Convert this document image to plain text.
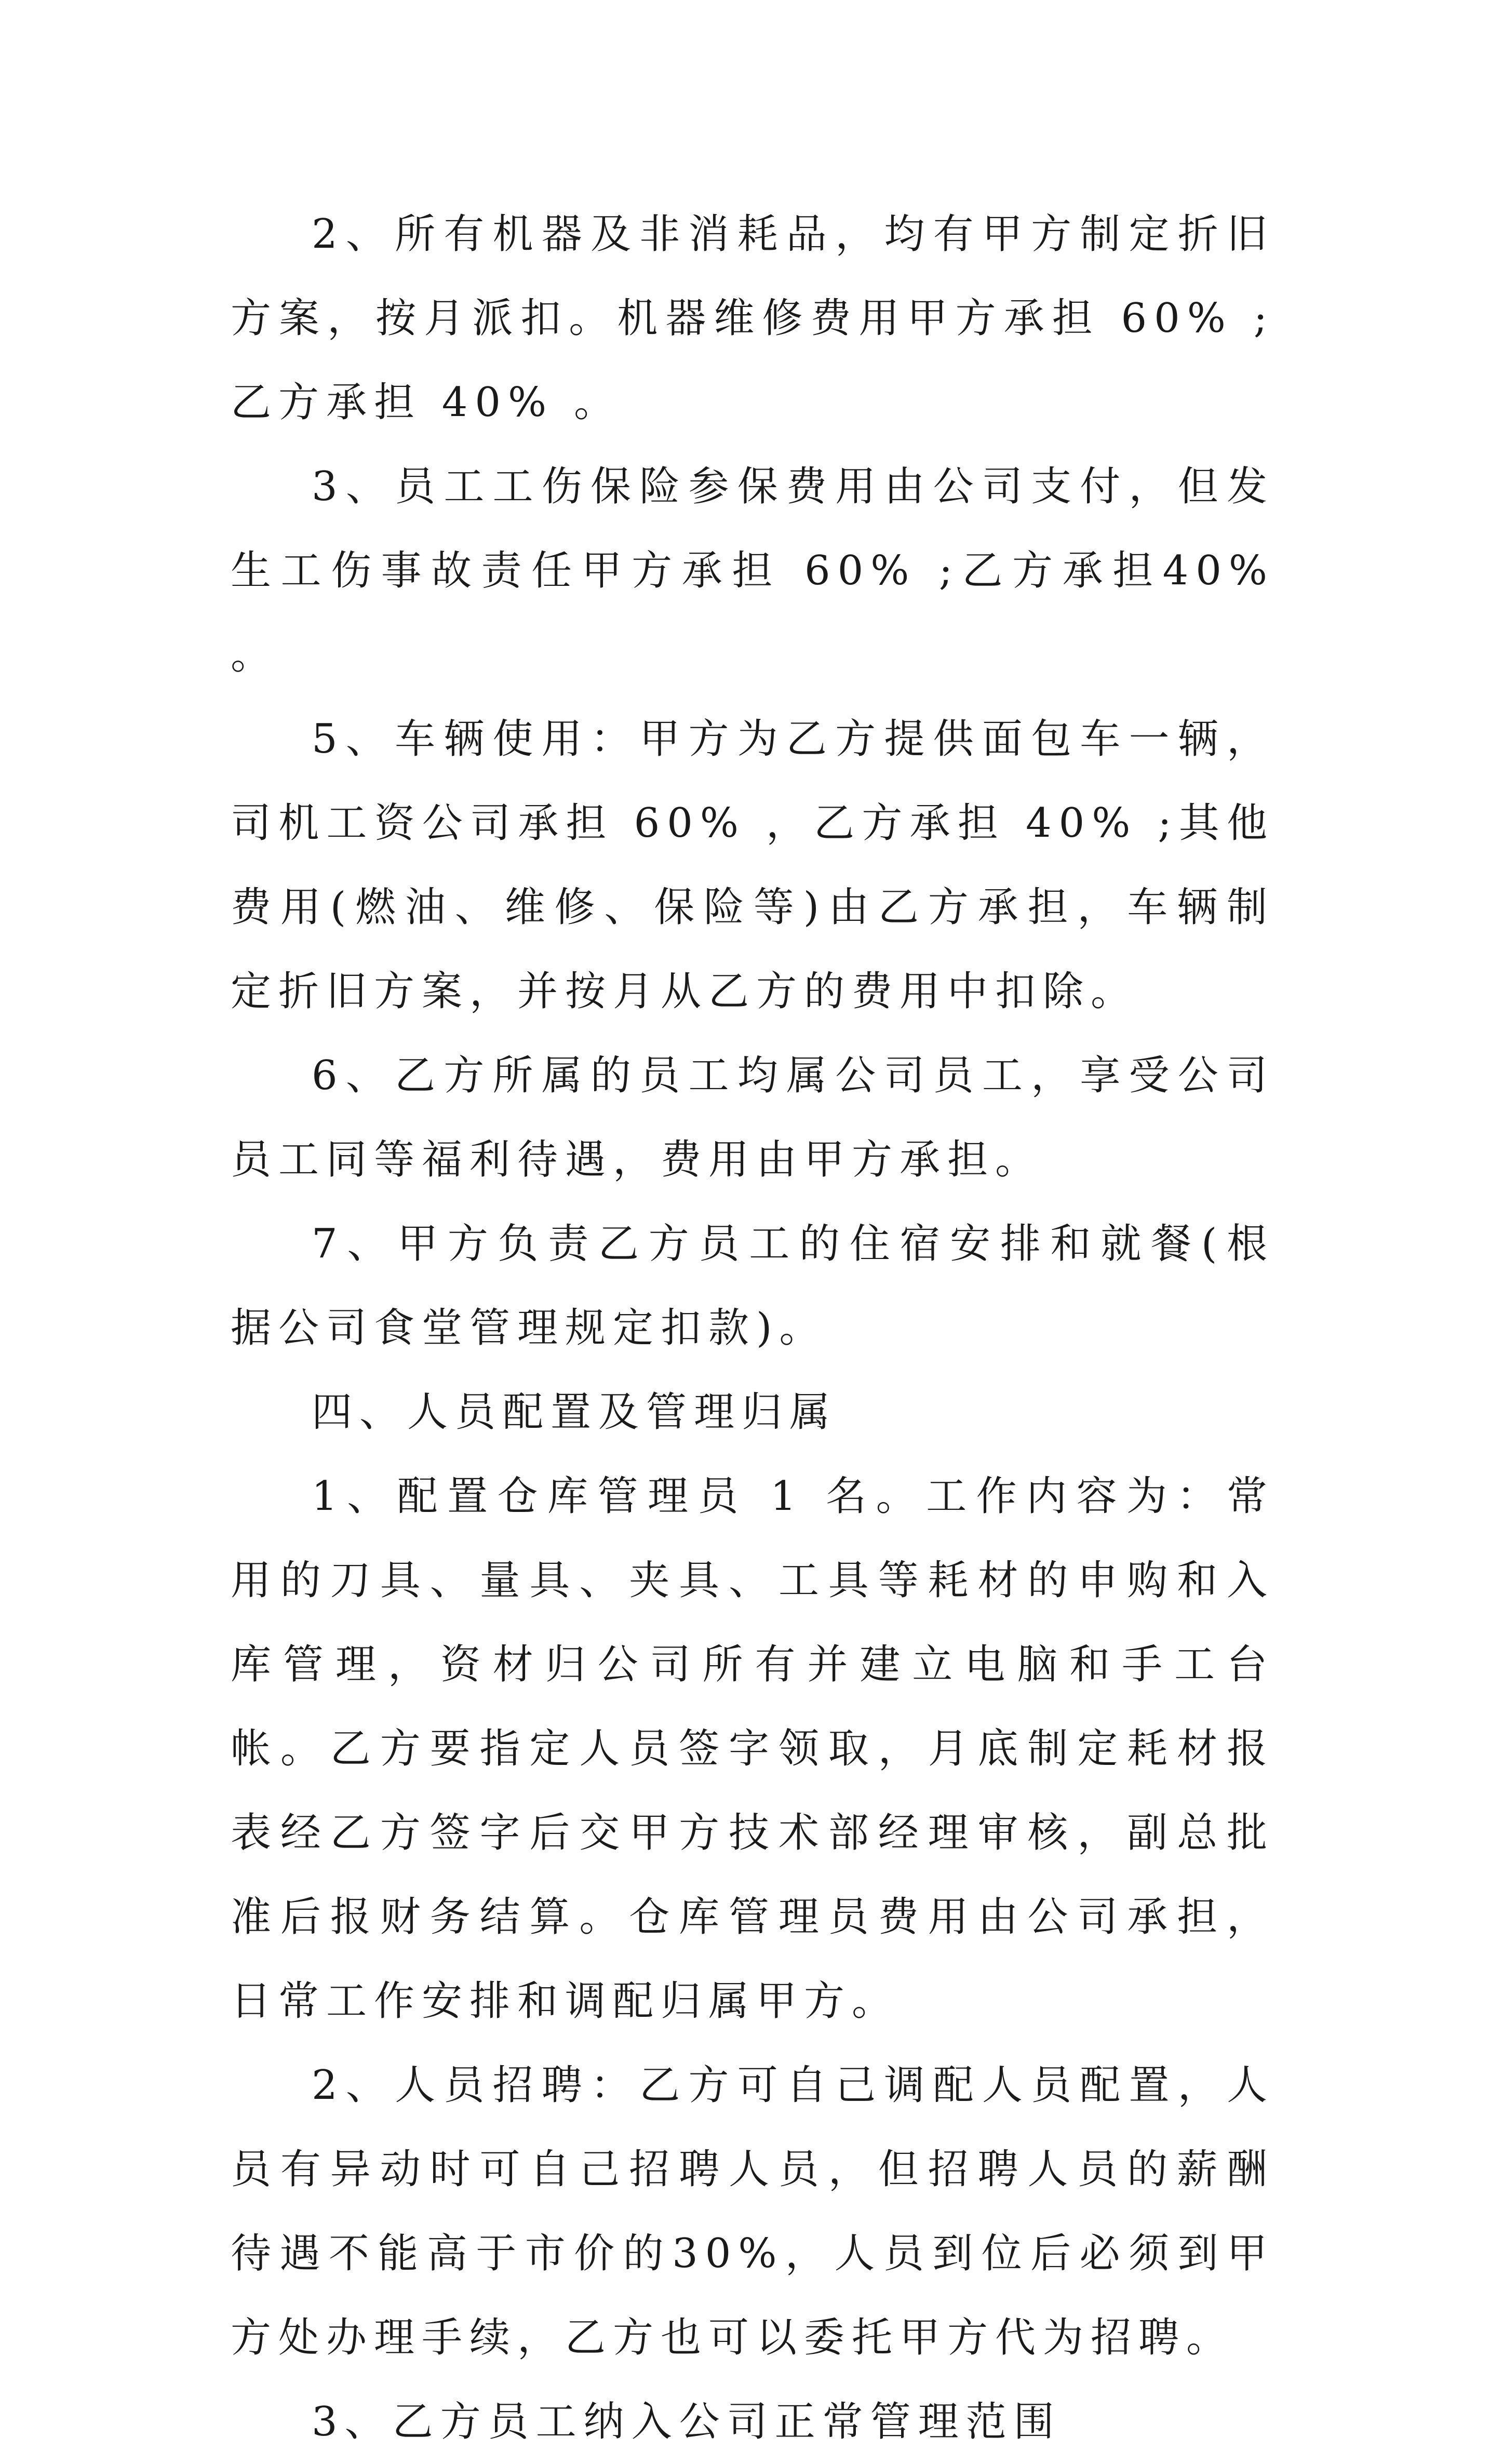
2、所有机器及非消耗品，均有甲方制定折旧方案，按月派扣。机器维修费用甲方承担 60% ;乙方承担 40% 。

3、员工工伤保险参保费用由公司支付，但发生工伤事故责任甲方承担 60% ;乙方承担40% 。

5、车辆使用：甲方为乙方提供面包车一辆，司机工资公司承担 60% ，乙方承担 40% ;其他费用(燃油、维修、保险等)由乙方承担，车辆制定折旧方案，并按月从乙方的费用中扣除。

6、乙方所属的员工均属公司员工，享受公司员工同等福利待遇，费用由甲方承担。

7、甲方负责乙方员工的住宿安排和就餐(根据公司食堂管理规定扣款)。

四、人员配置及管理归属

1、配置仓库管理员 1 名。工作内容为：常用的刀具、量具、夹具、工具等耗材的申购和入库管理，资材归公司所有并建立电脑和手工台帐。乙方要指定人员签字领取，月底制定耗材报表经乙方签字后交甲方技术部经理审核，副总批准后报财务结算。仓库管理员费用由公司承担，日常工作安排和调配归属甲方。

2、人员招聘：乙方可自己调配人员配置，人员有异动时可自己招聘人员，但招聘人员的薪酬待遇不能高于市价的30%，人员到位后必须到甲方处办理手续，乙方也可以委托甲方代为招聘。

3、乙方员工纳入公司正常管理范围
